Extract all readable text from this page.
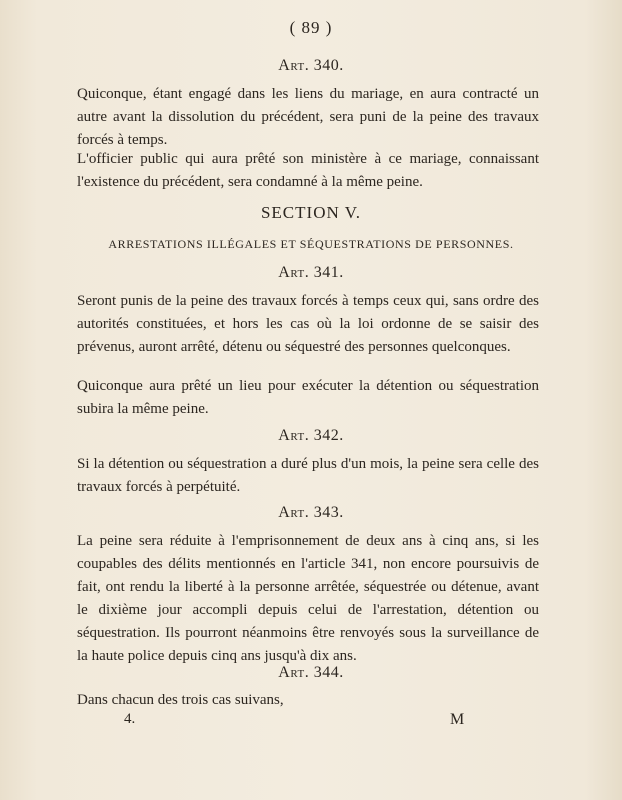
( 89 )
Art. 340.

Quiconque, étant engagé dans les liens du mariage, en aura contracté un autre avant la dissolution du précédent, sera puni de la peine des travaux forcés à temps.

L'officier public qui aura prêté son ministère à ce mariage, connaissant l'existence du précédent, sera condamné à la même peine.

SECTION V.
ARRESTATIONS ILLÉGALES ET SÉQUESTRATIONS DE PERSONNES.
Art. 341.

Seront punis de la peine des travaux forcés à temps ceux qui, sans ordre des autorités constituées, et hors les cas où la loi ordonne de se saisir des prévenus, auront arrêté, détenu ou séquestré des personnes quelconques.

Quiconque aura prêté un lieu pour exécuter la détention ou séquestration subira la même peine.

Art. 342.

Si la détention ou séquestration a duré plus d'un mois, la peine sera celle des travaux forcés à perpétuité.

Art. 343.

La peine sera réduite à l'emprisonnement de deux ans à cinq ans, si les coupables des délits mentionnés en l'article 341, non encore poursuivis de fait, ont rendu la liberté à la personne arrêtée, séquestrée ou détenue, avant le dixième jour accompli depuis celui de l'arrestation, détention ou séquestration. Ils pourront néanmoins être renvoyés sous la surveillance de la haute police depuis cinq ans jusqu'à dix ans.

Art. 344.

Dans chacun des trois cas suivans,

4.	M
